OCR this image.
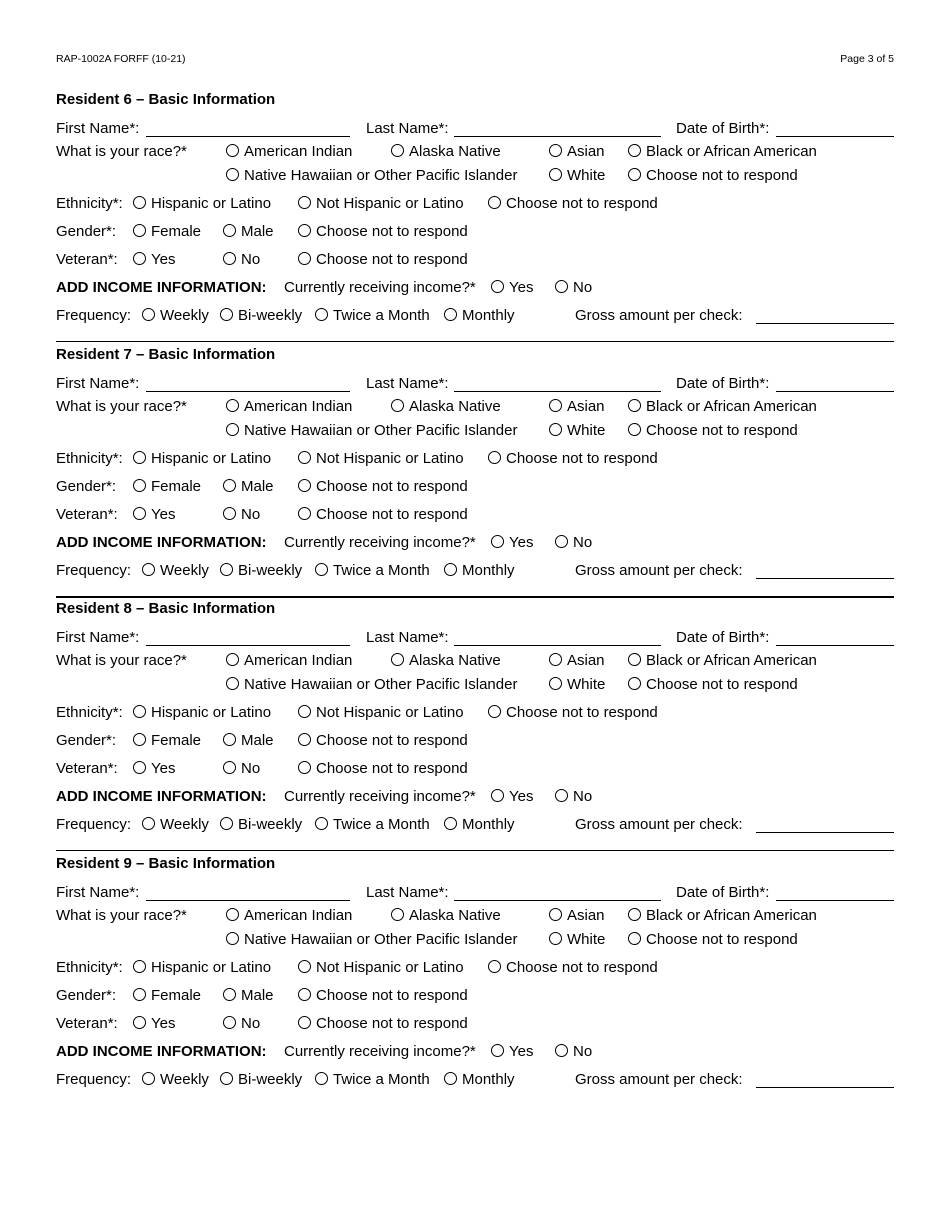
RAP-1002A FORFF (10-21)	Page 3 of 5
Resident 6 – Basic Information
First Name*:	Last Name*:	Date of Birth*:
What is your race?*	American Indian	Alaska Native	Asian	Black or African American
Native Hawaiian or Other Pacific Islander	White	Choose not to respond
Ethnicity*: Hispanic or Latino	Not Hispanic or Latino	Choose not to respond
Gender*: Female	Male	Choose not to respond
Veteran*: Yes	No	Choose not to respond
ADD INCOME INFORMATION: Currently receiving income?* Yes	No
Frequency: Weekly Bi-weekly Twice a Month Monthly	Gross amount per check:
Resident 7 – Basic Information
First Name*:	Last Name*:	Date of Birth*:
What is your race?*	American Indian	Alaska Native	Asian	Black or African American
Native Hawaiian or Other Pacific Islander	White	Choose not to respond
Ethnicity*: Hispanic or Latino	Not Hispanic or Latino	Choose not to respond
Gender*: Female	Male	Choose not to respond
Veteran*: Yes	No	Choose not to respond
ADD INCOME INFORMATION: Currently receiving income?* Yes	No
Frequency: Weekly Bi-weekly Twice a Month Monthly	Gross amount per check:
Resident 8 – Basic Information
First Name*:	Last Name*:	Date of Birth*:
What is your race?*	American Indian	Alaska Native	Asian	Black or African American
Native Hawaiian or Other Pacific Islander	White	Choose not to respond
Ethnicity*: Hispanic or Latino	Not Hispanic or Latino	Choose not to respond
Gender*: Female	Male	Choose not to respond
Veteran*: Yes	No	Choose not to respond
ADD INCOME INFORMATION: Currently receiving income?* Yes	No
Frequency: Weekly Bi-weekly Twice a Month Monthly	Gross amount per check:
Resident 9 – Basic Information
First Name*:	Last Name*:	Date of Birth*:
What is your race?*	American Indian	Alaska Native	Asian	Black or African American
Native Hawaiian or Other Pacific Islander	White	Choose not to respond
Ethnicity*: Hispanic or Latino	Not Hispanic or Latino	Choose not to respond
Gender*: Female	Male	Choose not to respond
Veteran*: Yes	No	Choose not to respond
ADD INCOME INFORMATION: Currently receiving income?* Yes	No
Frequency: Weekly Bi-weekly Twice a Month Monthly	Gross amount per check:
